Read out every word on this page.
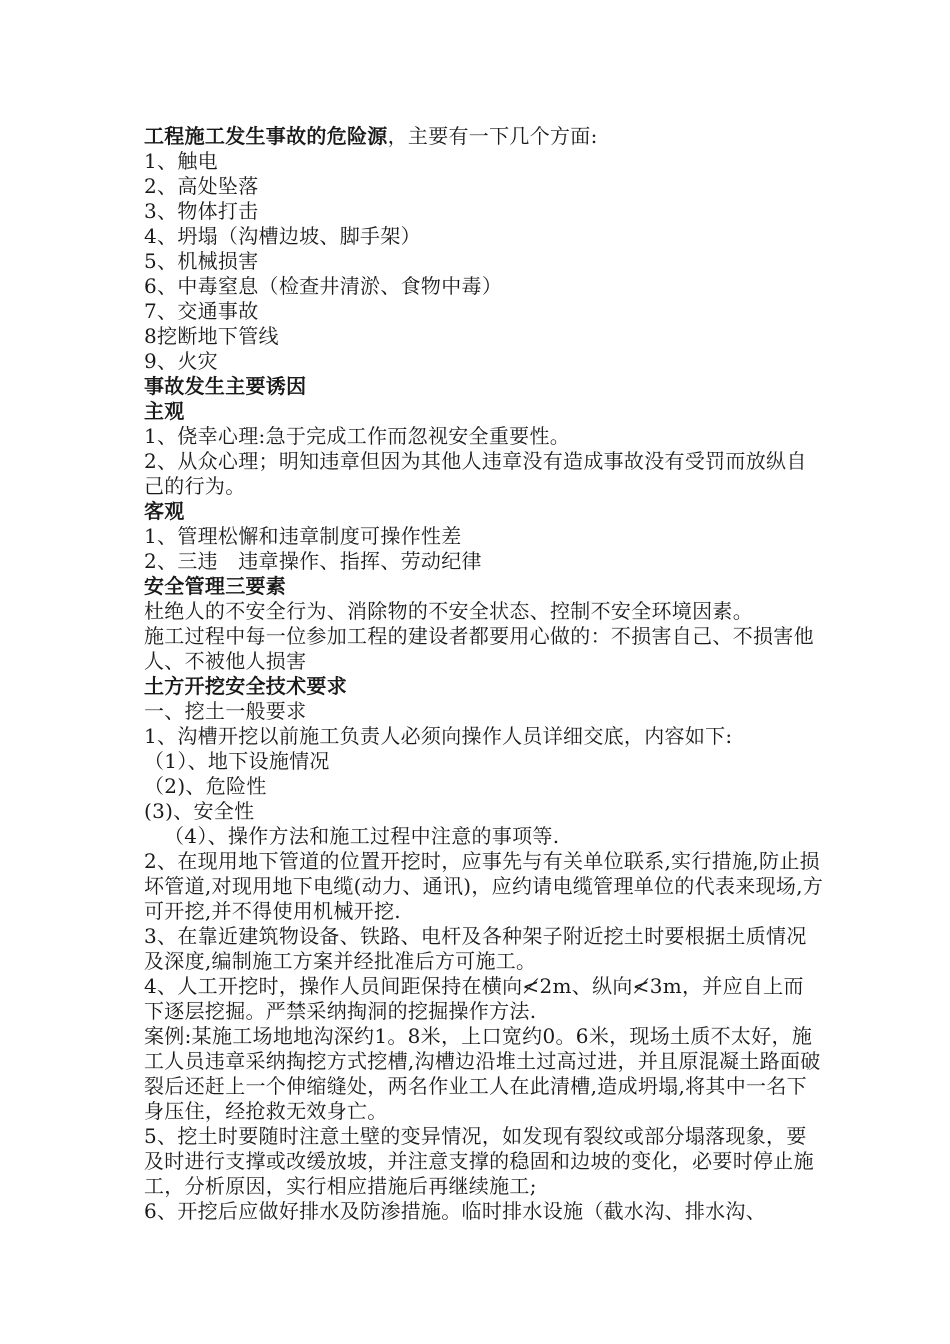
工程施工发生事故的危险源，主要有一下几个方面:
1、触电
2、高处坠落
3、物体打击
4、坍塌（沟槽边坡、脚手架）
5、机械损害
6、中毒窒息（检查井清淤、食物中毒）
7、交通事故
8挖断地下管线
9、火灾
事故发生主要诱因
主观
1、侥幸心理:急于完成工作而忽视安全重要性。
2、从众心理；明知违章但因为其他人违章没有造成事故没有受罚而放纵自己的行为。
客观
1、管理松懈和违章制度可操作性差
2、三违　违章操作、指挥、劳动纪律
安全管理三要素
杜绝人的不安全行为、消除物的不安全状态、控制不安全环境因素。
施工过程中每一位参加工程的建设者都要用心做的：不损害自己、不损害他人、不被他人损害
土方开挖安全技术要求
一、挖土一般要求
1、沟槽开挖以前施工负责人必须向操作人员详细交底，内容如下:
（1）、地下设施情况
（2)、危险性
(3)、安全性
（4）、操作方法和施工过程中注意的事项等.
2、在现用地下管道的位置开挖时，应事先与有关单位联系,实行措施,防止损坏管道,对现用地下电缆(动力、通讯)，应约请电缆管理单位的代表来现场,方可开挖,并不得使用机械开挖.
3、在靠近建筑物设备、铁路、电杆及各种架子附近挖土时要根据土质情况及深度,编制施工方案并经批准后方可施工。
4、人工开挖时，操作人员间距保持在横向≮2m、纵向≮3m，并应自上而下逐层挖掘。严禁采纳掏洞的挖掘操作方法.
案例:某施工场地地沟深约1。8米，上口宽约0。6米，现场土质不太好，施工人员违章采纳掏挖方式挖槽,沟槽边沿堆土过高过进，并且原混凝土路面破裂后还赶上一个伸缩缝处，两名作业工人在此清槽,造成坍塌,将其中一名下身压住，经抢救无效身亡。
5、挖土时要随时注意土壁的变异情况，如发现有裂纹或部分塌落现象，要及时进行支撑或改缓放坡，并注意支撑的稳固和边坡的变化，必要时停止施工，分析原因，实行相应措施后再继续施工;
6、开挖后应做好排水及防渗措施。临时排水设施（截水沟、排水沟、
